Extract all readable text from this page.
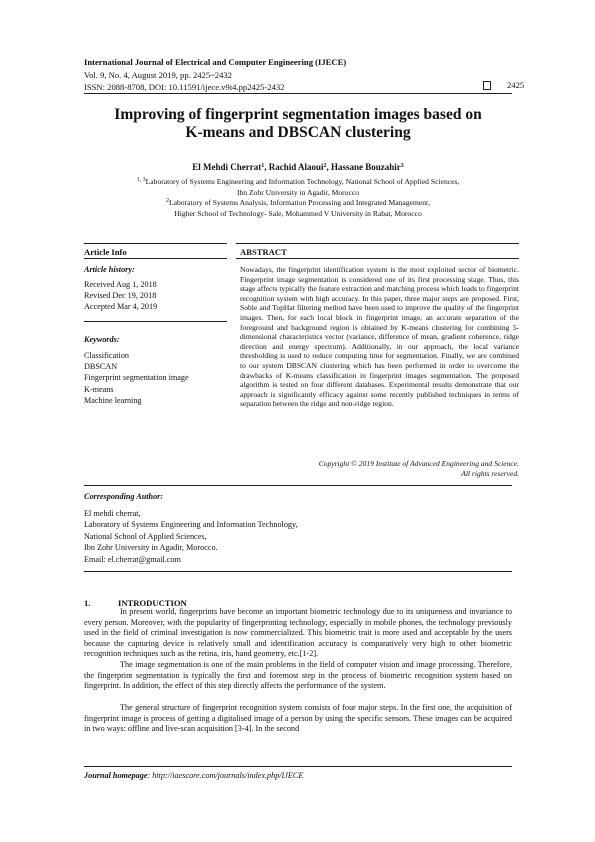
International Journal of Electrical and Computer Engineering (IJECE)
Vol. 9, No. 4, August 2019, pp. 2425~2432
ISSN: 2088-8708, DOI: 10.11591/ijece.v9i4.pp2425-2432	2425
Improving of fingerprint segmentation images based on
K-means and DBSCAN clustering
El Mehdi Cherrat$^1$, Rachid Alaoui$^2$, Hassane Bouzahir$^3$
$^{1, 3}$Laboratory of Systems Engineering and Information Technology, National School of Applied Sciences,
Ibn Zohr University in Agadir, Morocco
$^2$Laboratory of Systems Analysis, Information Processing and Integrated Management,
Higher School of Technology- Sale, Mohammed V University in Rabat, Morocco
Article Info	ABSTRACT
Article history:
Received Aug 1, 2018
Revised Dec 19, 2018
Accepted Mar 4, 2019
Keywords:
Classification
DBSCAN
Fingerprint segmentation image
K-means
Machine learning
Nowadays, the fingerprint identification system is the most exploited sector of biometric. Fingerprint image segmentation is considered one of its first processing stage. Thus, this stage affects typically the feature extraction and matching process which leads to fingerprint recognition system with high accuracy. In this paper, three major steps are proposed. First, Soble and TopHat filtering method have been used to improve the quality of the fingerprint images. Then, for each local block in fingerprint image, an accurate separation of the foreground and background region is obtained by K-means clustering for combining 5-dimensional characteristics vector (variance, difference of mean, gradient coherence, ridge direction and energy spectrum). Additionally, in our approach, the local variance thresholding is used to reduce computing time for segmentation. Finally, we are combined to our system DBSCAN clustering which has been performed in order to overcome the drawbacks of K-means classification in fingerprint images segmentation. The proposed algorithm is tested on four different databases. Experimental results demonstrate that our approach is significantly efficacy against some recently published techniques in terms of separation between the ridge and non-ridge region.
Copyright © 2019 Institute of Advanced Engineering and Science.
All rights reserved.
Corresponding Author:
El mehdi cherrat,
Laboratory of Systems Engineering and Information Technology,
National School of Applied Sciences,
Ibn Zohr University in Agadir, Morocco.
Email: el.cherrat@gmail.com
1.	INTRODUCTION
In present world, fingerprints have become an important biometric technology due to its uniqueness and invariance to every person. Moreover, with the popularity of fingerprinting technology, especially in mobile phones, the technology previously used in the field of criminal investigation is now commercialized. This biometric trait is more used and acceptable by the users because the capturing device is relatively small and identification accuracy is comparatively very high to other biometric recognition techniques such as the retina, iris, hand geometry, etc.[1-2].
The image segmentation is one of the main problems in the field of computer vision and image processing. Therefore, the fingerprint segmentation is typically the first and foremost step in the process of biometric recognition system based on fingerprint. In addition, the effect of this step directly affects the performance of the system.
The general structure of fingerprint recognition system consists of four major steps. In the first one, the acquisition of fingerprint image is process of getting a digitalised image of a person by using the specific sensors. These images can be acquired in two ways: offline and live-scan acquisition [3-4]. In the second
Journal homepage: http://iaescore.com/journals/index.php/IJECE
